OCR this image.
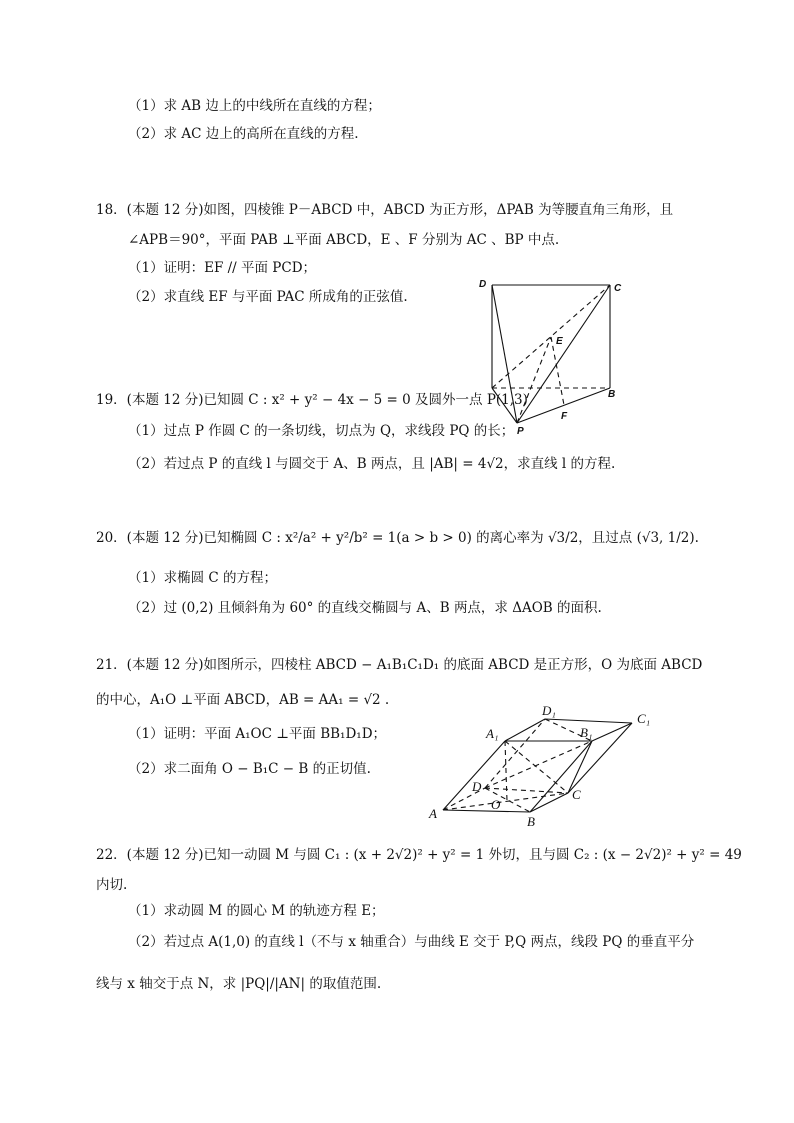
（1）求 AB 边上的中线所在直线的方程；
（2）求 AC 边上的高所在直线的方程.
18．(本题 12 分)如图，四棱锥 P－ABCD 中，ABCD 为正方形，ΔPAB 为等腰直角三角形，且
∠APB＝90°，平面 PAB ⊥平面 ABCD，E 、F 分别为 AC 、BP 中点.
（1）证明：EF // 平面 PCD；
（2）求直线 EF 与平面 PAC 所成角的正弦值.
D	C
E
B
F
P
19．(本题 12 分)已知圆 C : x² + y² − 4x − 5 = 0 及圆外一点 P(1,3)
（1）过点 P 作圆 C 的一条切线，切点为 Q，求线段 PQ 的长；
（2）若过点 P 的直线 l 与圆交于 A、B 两点，且 |AB| = 4√2，求直线 l 的方程.
20．(本题 12 分)已知椭圆 C : x²/a² + y²/b² = 1(a > b > 0) 的离心率为 √3/2，且过点 (√3, 1/2).
（1）求椭圆 C 的方程；
（2）过 (0,2) 且倾斜角为 60° 的直线交椭圆与 A、B 两点，求 ΔAOB 的面积.
21．(本题 12 分)如图所示，四棱柱 ABCD − A₁B₁C₁D₁ 的底面 ABCD 是正方形，O 为底面 ABCD
的中心，A₁O ⊥平面 ABCD，AB = AA₁ = √2 .
（1）证明：平面 A₁OC ⊥平面 BB₁D₁D；
（2）求二面角 O − B₁C − B 的正切值.
D₁
B₁
C₁
A₁
D
O
C
A
B
22．(本题 12 分)已知一动圆 M 与圆 C₁ : (x + 2√2)² + y² = 1 外切，且与圆 C₂ : (x − 2√2)² + y² = 49
内切.
（1）求动圆 M 的圆心 M 的轨迹方程 E；
（2）若过点 A(1,0) 的直线 l（不与 x 轴重合）与曲线 E 交于 P,Q 两点，线段 PQ 的垂直平分
线与 x 轴交于点 N，求 |PQ|/|AN| 的取值范围.
